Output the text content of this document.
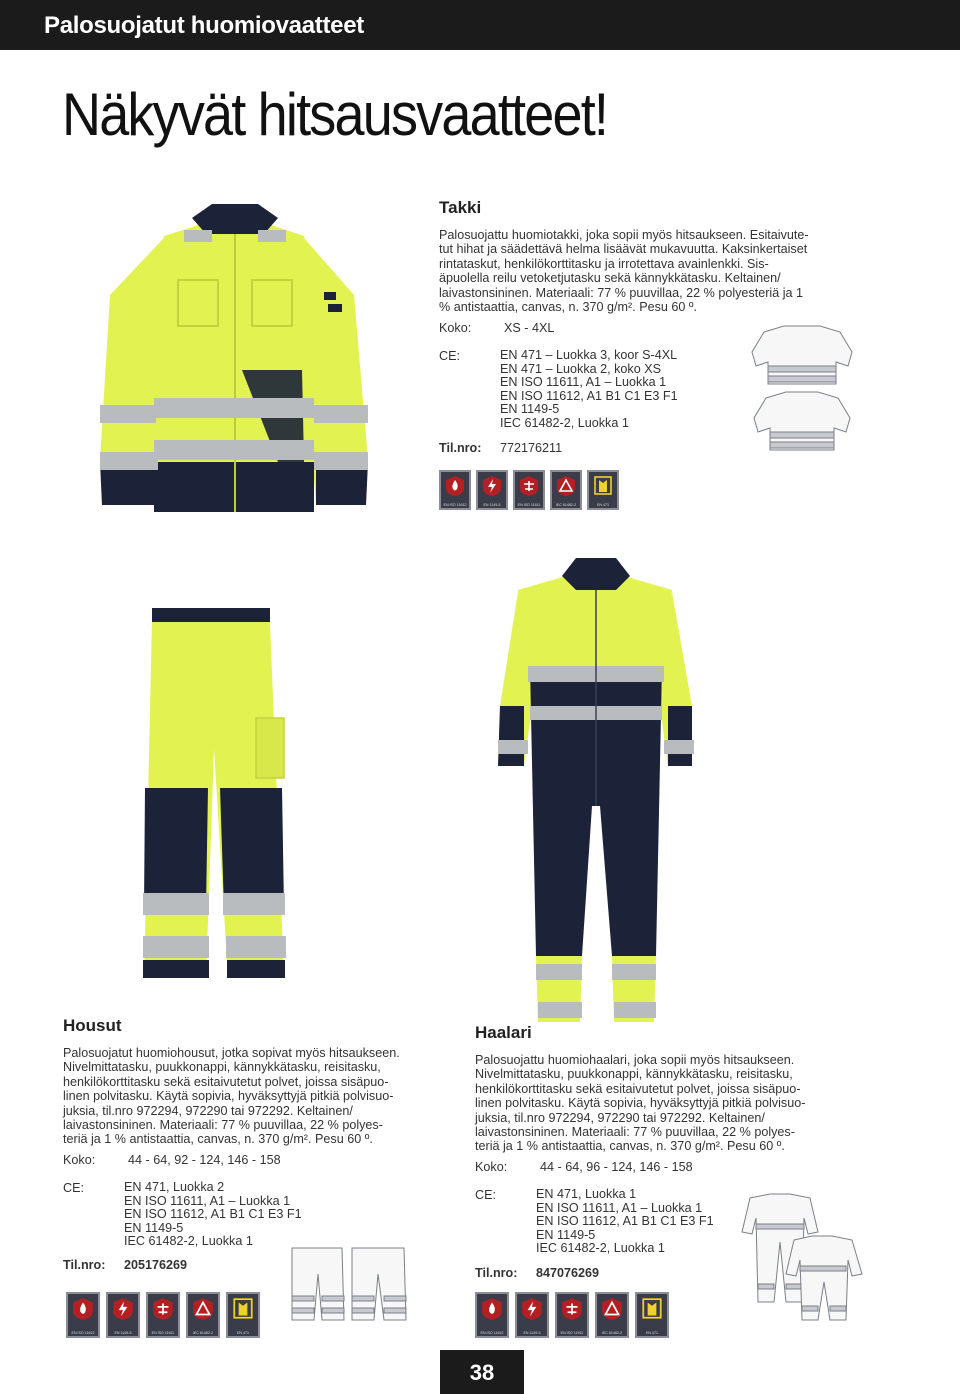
Palosuojatut huomiovaatteet
Näkyvät hitsausvaatteet!
Takki
Palosuojattu huomiotakki, joka sopii myös hitsaukseen. Esitaivute-
tut hihat ja säädettävä helma lisäävät mukavuutta. Kaksinkertaiset
rintataskut, henkilökorttitasku ja irrotettava avainlenkki. Sis-
äpuolella reilu vetoketjutasku sekä kännykkätasku. Keltainen/
laivastonsininen. Materiaali: 77 % puuvillaa, 22 % polyesteriä ja 1
% antistaattia, canvas, n. 370 g/m². Pesu 60 º.
Koko:	XS - 4XL
CE:	EN 471 – Luokka 3, koor S-4XL
EN 471 – Luokka 2, koko XS
EN ISO 11611, A1 – Luokka 1
EN ISO 11612, A1 B1 C1 E3 F1
EN 1149-5
IEC 61482-2, Luokka 1
Til.nro: 772176211
EN ISO 11612	EN 1149-5	EN ISO 11611	IEC 61482-2	EN 471
Housut
Palosuojatut huomiohousut, jotka sopivat myös hitsaukseen.
Nivelmittatasku, puukkonappi, kännykkätasku, reisitasku,
henkilökorttitasku sekä esitaivutetut polvet, joissa sisäpuo-
linen polvitasku. Käytä sopivia, hyväksyttyjä pitkiä polvisuo-
juksia, til.nro 972294, 972290 tai 972292. Keltainen/
laivastonsininen. Materiaali: 77 % puuvillaa, 22 % polyes-
teriä ja 1 % antistaattia, canvas, n. 370 g/m². Pesu 60 º.
Koko:	44 - 64, 92 - 124, 146 - 158
CE:	EN 471, Luokka 2
EN ISO 11611, A1 – Luokka 1
EN ISO 11612, A1 B1 C1 E3 F1
EN 1149-5
IEC 61482-2, Luokka 1
Til.nro: 205176269
EN ISO 11612	EN 1149-5	EN ISO 11611	IEC 61482-2	EN 471
Haalari
Palosuojattu huomiohaalari, joka sopii myös hitsaukseen.
Nivelmittatasku, puukkonappi, kännykkätasku, reisitasku,
henkilökorttitasku sekä esitaivutetut polvet, joissa sisäpuo-
linen polvitasku. Käytä sopivia, hyväksyttyjä pitkiä polvisuo-
juksia, til.nro 972294, 972290 tai 972292. Keltainen/
laivastonsininen. Materiaali: 77 % puuvillaa, 22 % polyes-
teriä ja 1 % antistaattia, canvas, n. 370 g/m². Pesu 60 º.
Koko:	44 - 64, 96 - 124, 146 - 158
CE:	EN 471, Luokka 1
EN ISO 11611, A1 – Luokka 1
EN ISO 11612, A1 B1 C1 E3 F1
EN 1149-5
IEC 61482-2, Luokka 1
Til.nro: 847076269
EN ISO 11612	EN 1149-5	EN ISO 11611	IEC 61482-2	EN 471
38
